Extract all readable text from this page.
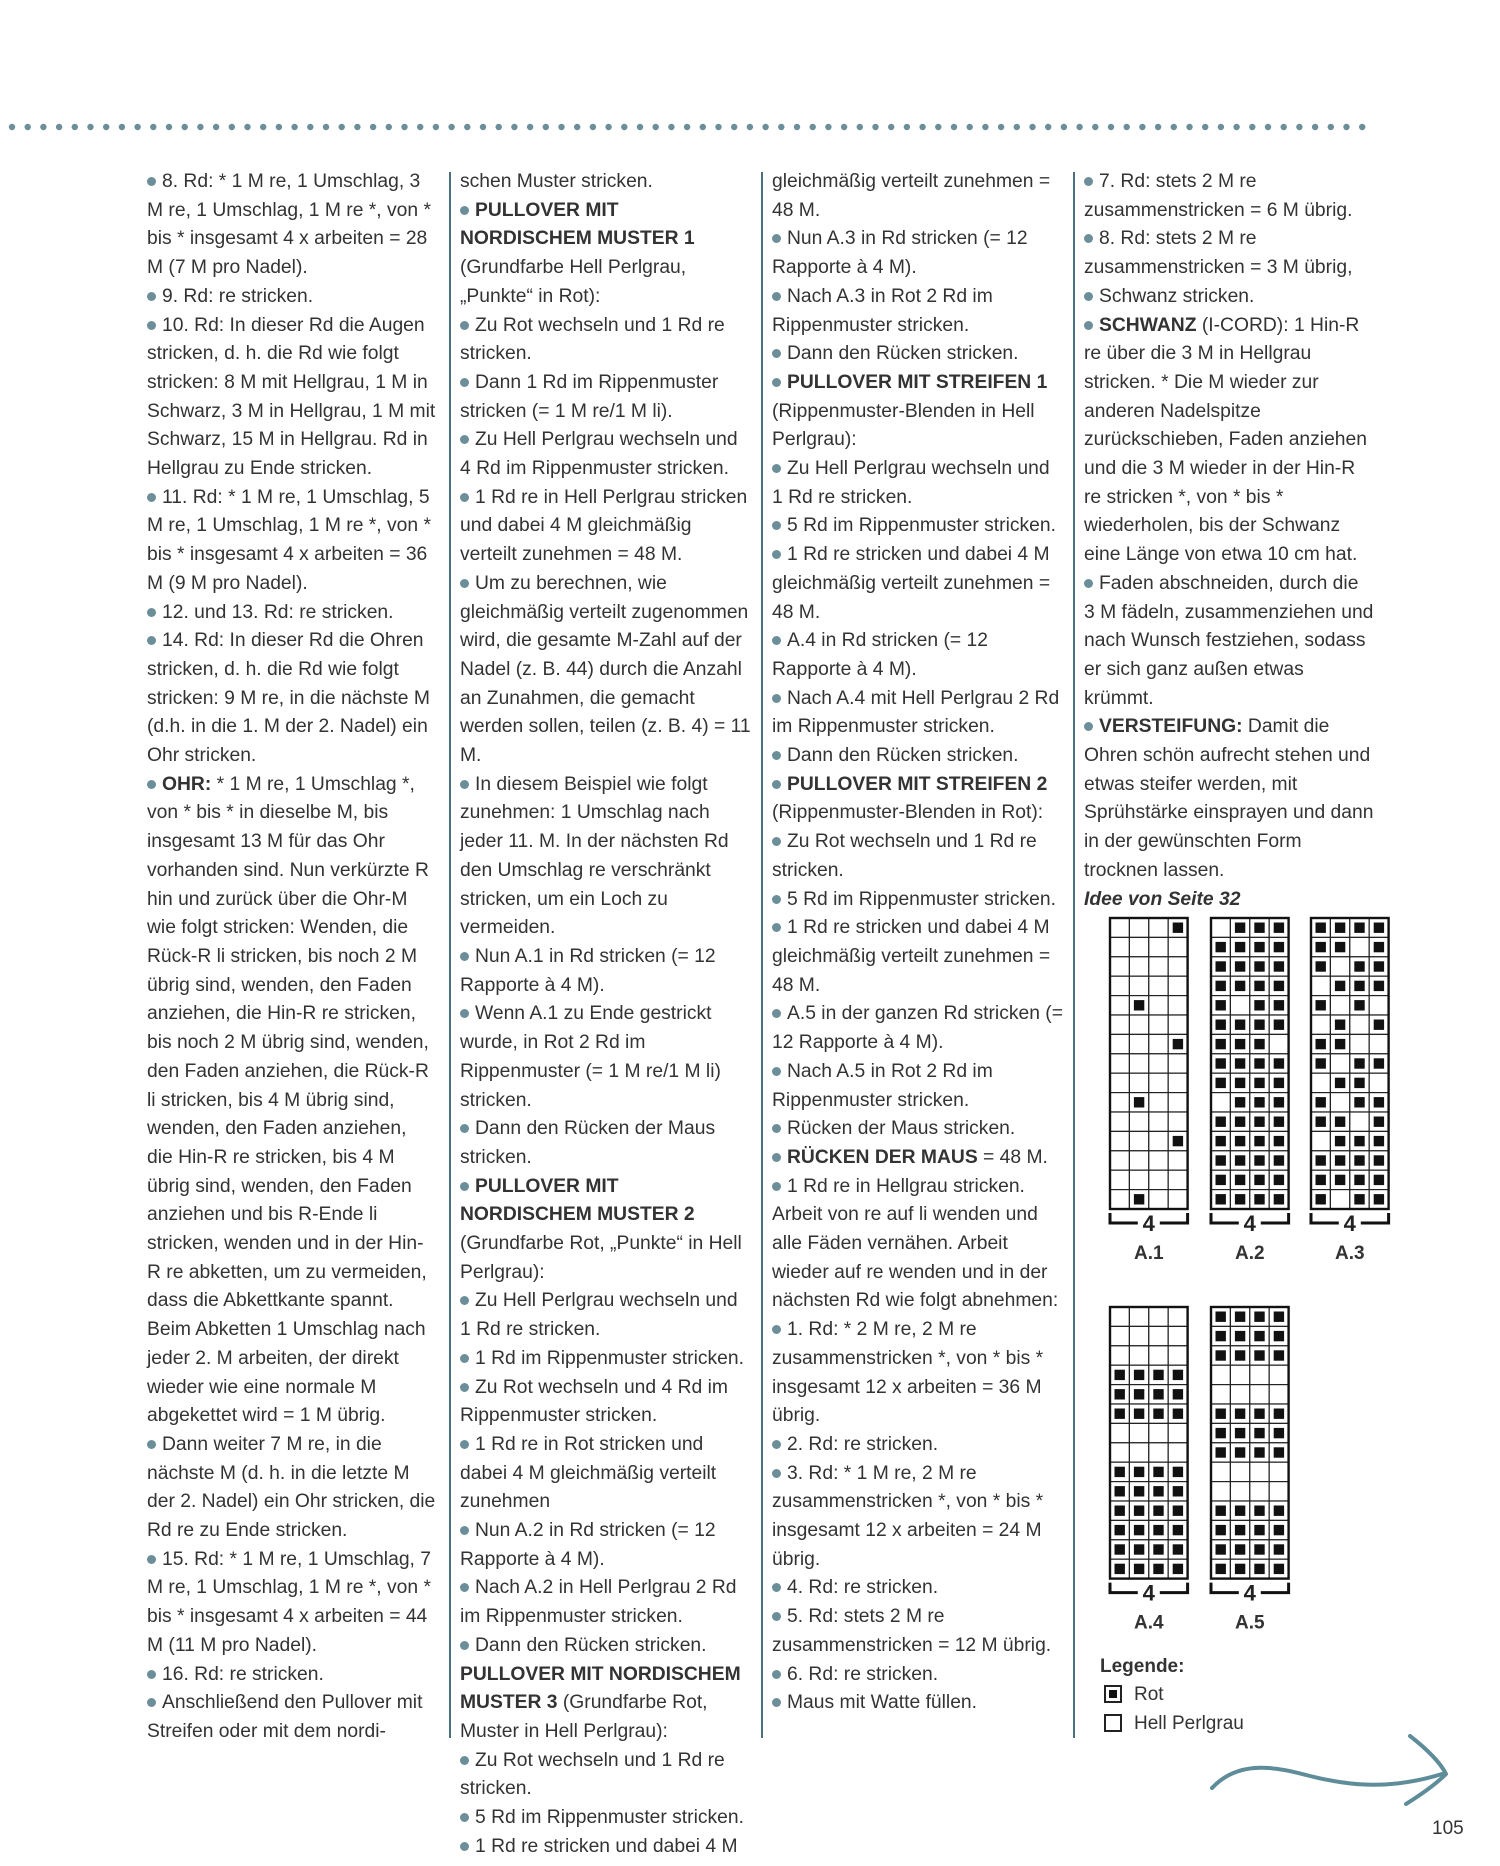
8. Rd: * 1 M re, 1 Umschlag, 3 M re, 1 Umschlag, 1 M re *, von * bis * insgesamt 4 x arbeiten = 28 M (7 M pro Nadel).

9. Rd: re stricken.

10. Rd: In dieser Rd die Augen stricken, d. h. die Rd wie folgt stricken: 8 M mit Hellgrau, 1 M in Schwarz, 3 M in Hellgrau, 1 M mit Schwarz, 15 M in Hellgrau. Rd in Hellgrau zu Ende stricken.

11. Rd: * 1 M re, 1 Umschlag, 5 M re, 1 Umschlag, 1 M re *, von * bis * insgesamt 4 x arbeiten = 36 M (9 M pro Nadel).

12. und 13. Rd: re stricken.

14. Rd: In dieser Rd die Ohren stricken, d. h. die Rd wie folgt stricken: 9 M re, in die nächste M (d.h. in die 1. M der 2. Nadel) ein Ohr stricken.

OHR: * 1 M re, 1 Umschlag *, von * bis * in dieselbe M, bis insgesamt 13 M für das Ohr vorhanden sind. Nun verkürzte R hin und zurück über die Ohr-M wie folgt stricken: Wenden, die Rück-R li stricken, bis noch 2 M übrig sind, wenden, den Faden anziehen, die Hin-R re stricken, bis noch 2 M übrig sind, wenden, den Faden anziehen, die Rück-R li stricken, bis 4 M übrig sind, wenden, den Faden anziehen, die Hin-R re stricken, bis 4 M übrig sind, wenden, den Faden anziehen und bis R-Ende li stricken, wenden und in der Hin-R re abketten, um zu vermeiden, dass die Abkettkante spannt. Beim Abketten 1 Umschlag nach jeder 2. M arbeiten, der direkt wieder wie eine normale M abgekettet wird = 1 M übrig.

Dann weiter 7 M re, in die nächste M (d. h. in die letzte M der 2. Nadel) ein Ohr stricken, die Rd re zu Ende stricken.

15. Rd: * 1 M re, 1 Umschlag, 7 M re, 1 Umschlag, 1 M re *, von * bis * insgesamt 4 x arbeiten = 44 M (11 M pro Nadel).

16. Rd: re stricken.

Anschließend den Pullover mit Streifen oder mit dem nordi-

schen Muster stricken.

PULLOVER MIT NORDISCHEM MUSTER 1 (Grundfarbe Hell Perlgrau, „Punkte“ in Rot):

Zu Rot wechseln und 1 Rd re stricken.

Dann 1 Rd im Rippenmuster stricken (= 1 M re/1 M li).

Zu Hell Perlgrau wechseln und 4 Rd im Rippenmuster stricken.

1 Rd re in Hell Perlgrau stricken und dabei 4 M gleichmäßig verteilt zunehmen = 48 M.

Um zu berechnen, wie gleichmäßig verteilt zugenommen wird, die gesamte M-Zahl auf der Nadel (z. B. 44) durch die Anzahl an Zunahmen, die gemacht werden sollen, teilen (z. B. 4) = 11 M.

In diesem Beispiel wie folgt zunehmen: 1 Umschlag nach jeder 11. M. In der nächsten Rd den Umschlag re verschränkt stricken, um ein Loch zu vermeiden.

Nun A.1 in Rd stricken (= 12 Rapporte à 4 M).

Wenn A.1 zu Ende gestrickt wurde, in Rot 2 Rd im Rippenmuster (= 1 M re/1 M li) stricken.

Dann den Rücken der Maus stricken.

PULLOVER MIT NORDISCHEM MUSTER 2 (Grundfarbe Rot, „Punkte“ in Hell Perlgrau):

Zu Hell Perlgrau wechseln und 1 Rd re stricken.

1 Rd im Rippenmuster stricken.

Zu Rot wechseln und 4 Rd im Rippenmuster stricken.

1 Rd re in Rot stricken und dabei 4 M gleichmäßig verteilt zunehmen

Nun A.2 in Rd stricken (= 12 Rapporte à 4 M).

Nach A.2 in Hell Perlgrau 2 Rd im Rippenmuster stricken.

Dann den Rücken stricken.

PULLOVER MIT NORDISCHEM MUSTER 3 (Grundfarbe Rot, Muster in Hell Perlgrau):

Zu Rot wechseln und 1 Rd re stricken.

5 Rd im Rippenmuster stricken.

1 Rd re stricken und dabei 4 M

gleichmäßig verteilt zunehmen = 48 M.

Nun A.3 in Rd stricken (= 12 Rapporte à 4 M).

Nach A.3 in Rot 2 Rd im Rippenmuster stricken.

Dann den Rücken stricken.

PULLOVER MIT STREIFEN 1 (Rippenmuster-Blenden in Hell Perlgrau):

Zu Hell Perlgrau wechseln und 1 Rd re stricken.

5 Rd im Rippenmuster stricken.

1 Rd re stricken und dabei 4 M gleichmäßig verteilt zunehmen = 48 M.

A.4 in Rd stricken (= 12 Rapporte à 4 M).

Nach A.4 mit Hell Perlgrau 2 Rd im Rippenmuster stricken.

Dann den Rücken stricken.

PULLOVER MIT STREIFEN 2 (Rippenmuster-Blenden in Rot):

Zu Rot wechseln und 1 Rd re stricken.

5 Rd im Rippenmuster stricken.

1 Rd re stricken und dabei 4 M gleichmäßig verteilt zunehmen = 48 M.

A.5 in der ganzen Rd stricken (= 12 Rapporte à 4 M).

Nach A.5 in Rot 2 Rd im Rippenmuster stricken.

Rücken der Maus stricken.

RÜCKEN DER MAUS = 48 M.

1 Rd re in Hellgrau stricken. Arbeit von re auf li wenden und alle Fäden vernähen. Arbeit wieder auf re wenden und in der nächsten Rd wie folgt abnehmen:

1. Rd: * 2 M re, 2 M re zusammenstricken *, von * bis * insgesamt 12 x arbeiten = 36 M übrig.

2. Rd: re stricken.

3. Rd: * 1 M re, 2 M re zusammenstricken *, von * bis * insgesamt 12 x arbeiten = 24 M übrig.

4. Rd: re stricken.

5. Rd: stets 2 M re zusammenstricken = 12 M übrig.

6. Rd: re stricken.

Maus mit Watte füllen.

7. Rd: stets 2 M re zusammenstricken = 6 M übrig.

8. Rd: stets 2 M re zusammenstricken = 3 M übrig,

Schwanz stricken.

SCHWANZ (I-CORD): 1 Hin-R re über die 3 M in Hellgrau stricken. * Die M wieder zur anderen Nadelspitze zurückschieben, Faden anziehen und die 3 M wieder in der Hin-R re stricken *, von * bis * wiederholen, bis der Schwanz eine Länge von etwa 10 cm hat.

Faden abschneiden, durch die 3 M fädeln, zusammenziehen und nach Wunsch festziehen, sodass er sich ganz außen etwas krümmt.

VERSTEIFUNG: Damit die Ohren schön aufrecht stehen und etwas steifer werden, mit Sprühstärke einsprayen und dann in der gewünschten Form trocknen lassen.

Idee von Seite 32

4
A.1
4
A.2
4
A.3
4
A.4
4
A.5
Legende:
Rot
Hell Perlgrau
105
